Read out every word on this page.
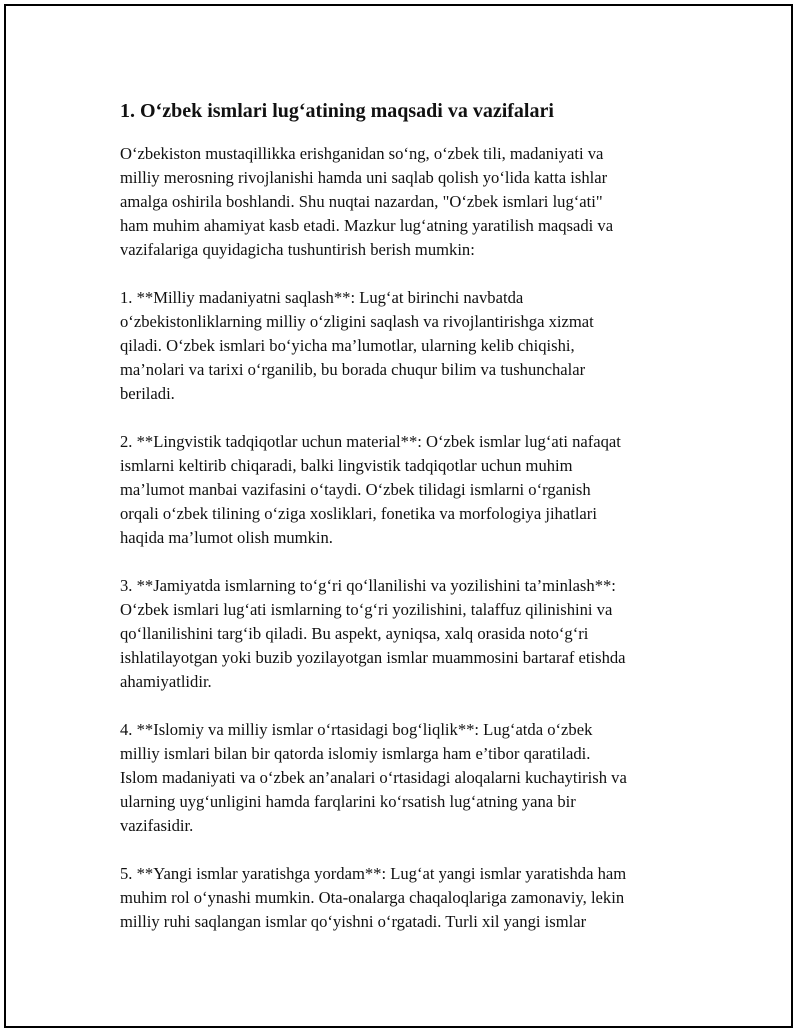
1. O‘zbek ismlari lug‘atining maqsadi va vazifalari

O‘zbekiston mustaqillikka erishganidan so‘ng, o‘zbek tili, madaniyati va
milliy merosning rivojlanishi hamda uni saqlab qolish yo‘lida katta ishlar
amalga oshirila boshlandi. Shu nuqtai nazardan, "O‘zbek ismlari lug‘ati"
ham muhim ahamiyat kasb etadi. Mazkur lug‘atning yaratilish maqsadi va
vazifalariga quyidagicha tushuntirish berish mumkin:

1. **Milliy madaniyatni saqlash**: Lug‘at birinchi navbatda
o‘zbekistonliklarning milliy o‘zligini saqlash va rivojlantirishga xizmat
qiladi. O‘zbek ismlari bo‘yicha ma’lumotlar, ularning kelib chiqishi,
ma’nolari va tarixi o‘rganilib, bu borada chuqur bilim va tushunchalar
beriladi.

2. **Lingvistik tadqiqotlar uchun material**: O‘zbek ismlar lug‘ati nafaqat
ismlarni keltirib chiqaradi, balki lingvistik tadqiqotlar uchun muhim
ma’lumot manbai vazifasini o‘taydi. O‘zbek tilidagi ismlarni o‘rganish
orqali o‘zbek tilining o‘ziga xosliklari, fonetika va morfologiya jihatlari
haqida ma’lumot olish mumkin.

3. **Jamiyatda ismlarning to‘g‘ri qo‘llanilishi va yozilishini ta’minlash**:
O‘zbek ismlari lug‘ati ismlarning to‘g‘ri yozilishini, talaffuz qilinishini va
qo‘llanilishini targ‘ib qiladi. Bu aspekt, ayniqsa, xalq orasida noto‘g‘ri
ishlatilayotgan yoki buzib yozilayotgan ismlar muammosini bartaraf etishda
ahamiyatlidir.

4. **Islomiy va milliy ismlar o‘rtasidagi bog‘liqlik**: Lug‘atda o‘zbek
milliy ismlari bilan bir qatorda islomiy ismlarga ham e’tibor qaratiladi.
Islom madaniyati va o‘zbek an’analari o‘rtasidagi aloqalarni kuchaytirish va
ularning uyg‘unligini hamda farqlarini ko‘rsatish lug‘atning yana bir
vazifasidir.

5. **Yangi ismlar yaratishga yordam**: Lug‘at yangi ismlar yaratishda ham
muhim rol o‘ynashi mumkin. Ota-onalarga chaqaloqlariga zamonaviy, lekin
milliy ruhi saqlangan ismlar qo‘yishni o‘rgatadi. Turli xil yangi ismlar
